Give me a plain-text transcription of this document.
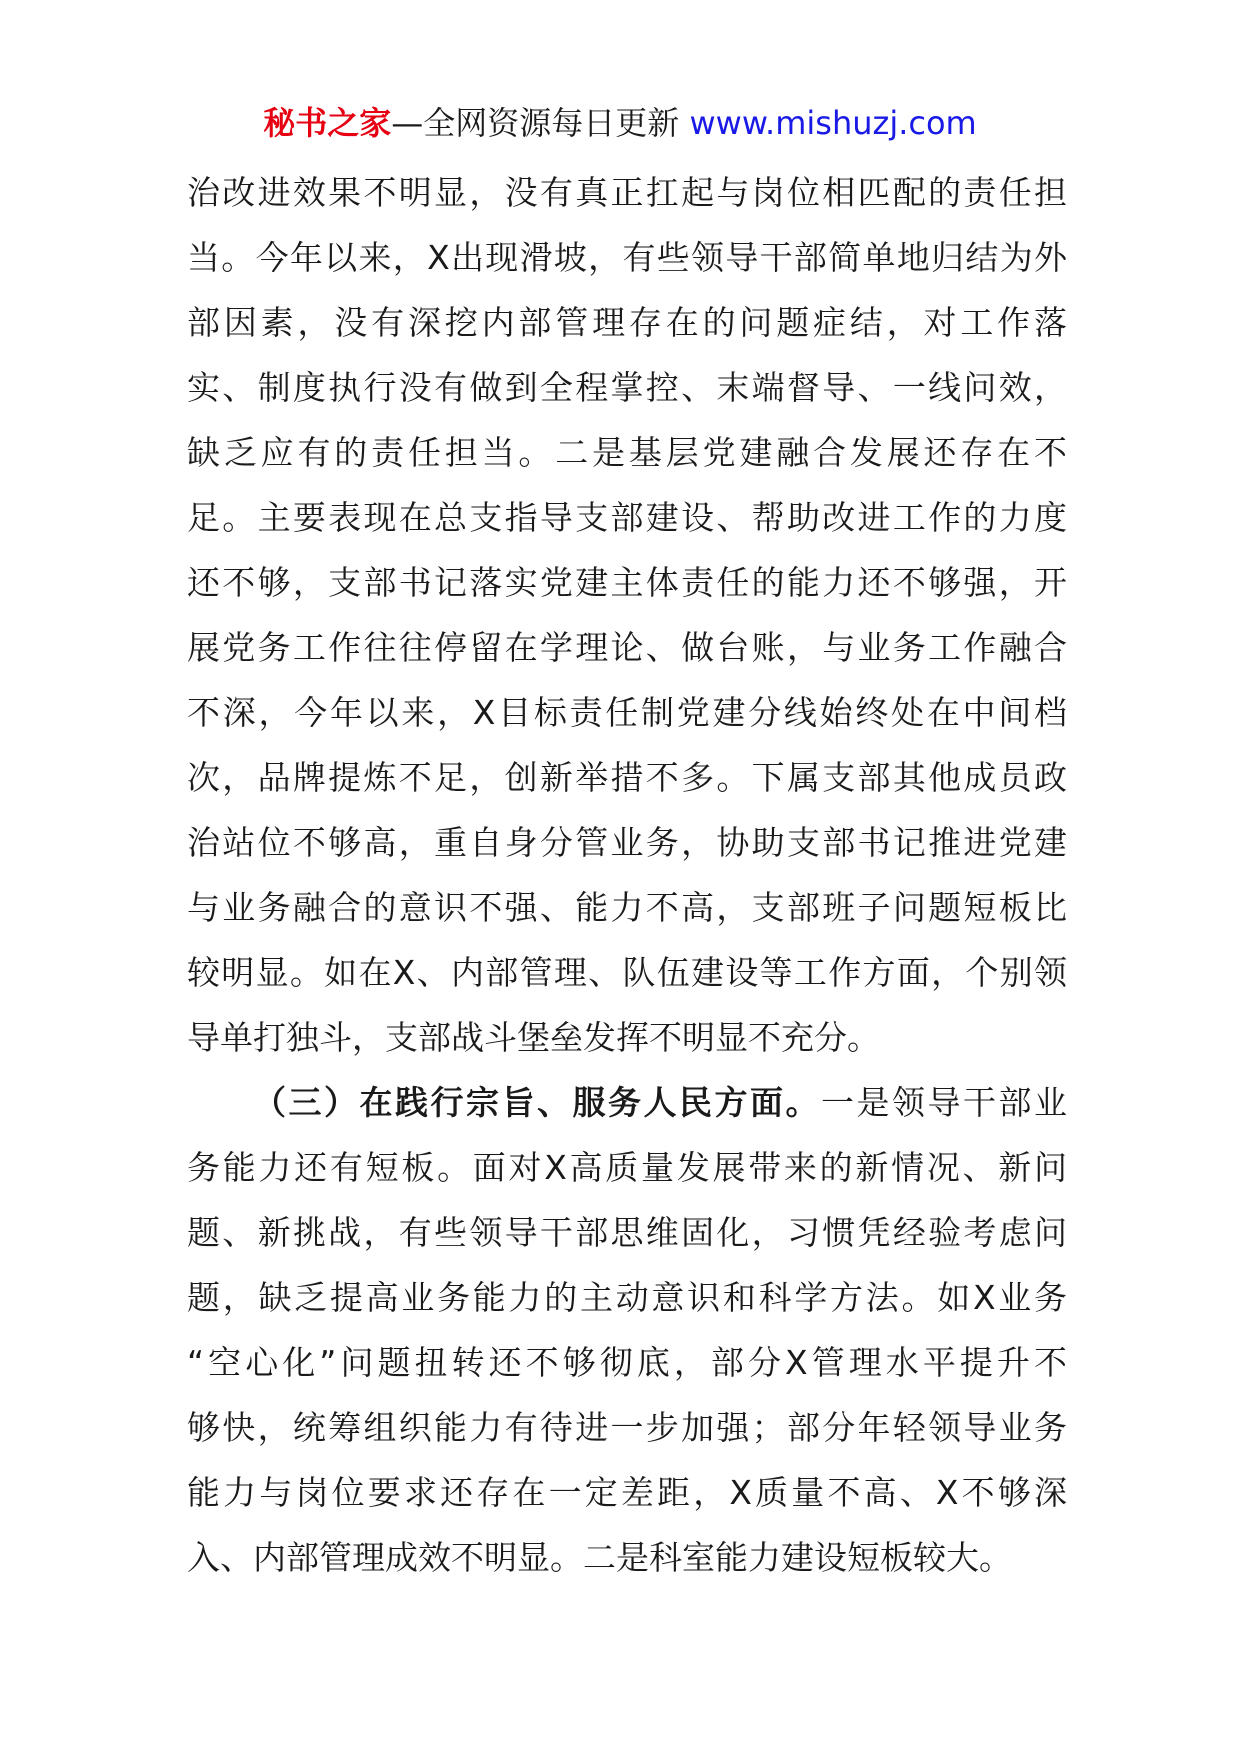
秘书之家—全网资源每日更新 www.mishuzj.com
治改进效果不明显，没有真正扛起与岗位相匹配的责任担
当。今年以来，X出现滑坡，有些领导干部简单地归结为外
部因素，没有深挖内部管理存在的问题症结，对工作落
实、制度执行没有做到全程掌控、末端督导、一线问效，
缺乏应有的责任担当。二是基层党建融合发展还存在不
足。主要表现在总支指导支部建设、帮助改进工作的力度
还不够，支部书记落实党建主体责任的能力还不够强，开
展党务工作往往停留在学理论、做台账，与业务工作融合
不深，今年以来，X目标责任制党建分线始终处在中间档
次，品牌提炼不足，创新举措不多。下属支部其他成员政
治站位不够高，重自身分管业务，协助支部书记推进党建
与业务融合的意识不强、能力不高，支部班子问题短板比
较明显。如在X、内部管理、队伍建设等工作方面，个别领
导单打独斗，支部战斗堡垒发挥不明显不充分。
（三）在践行宗旨、服务人民方面。一是领导干部业
务能力还有短板。面对X高质量发展带来的新情况、新问
题、新挑战，有些领导干部思维固化，习惯凭经验考虑问
题，缺乏提高业务能力的主动意识和科学方法。如X业务
“空心化”问题扭转还不够彻底，部分X管理水平提升不
够快，统筹组织能力有待进一步加强；部分年轻领导业务
能力与岗位要求还存在一定差距，X质量不高、X不够深
入、内部管理成效不明显。二是科室能力建设短板较大。
